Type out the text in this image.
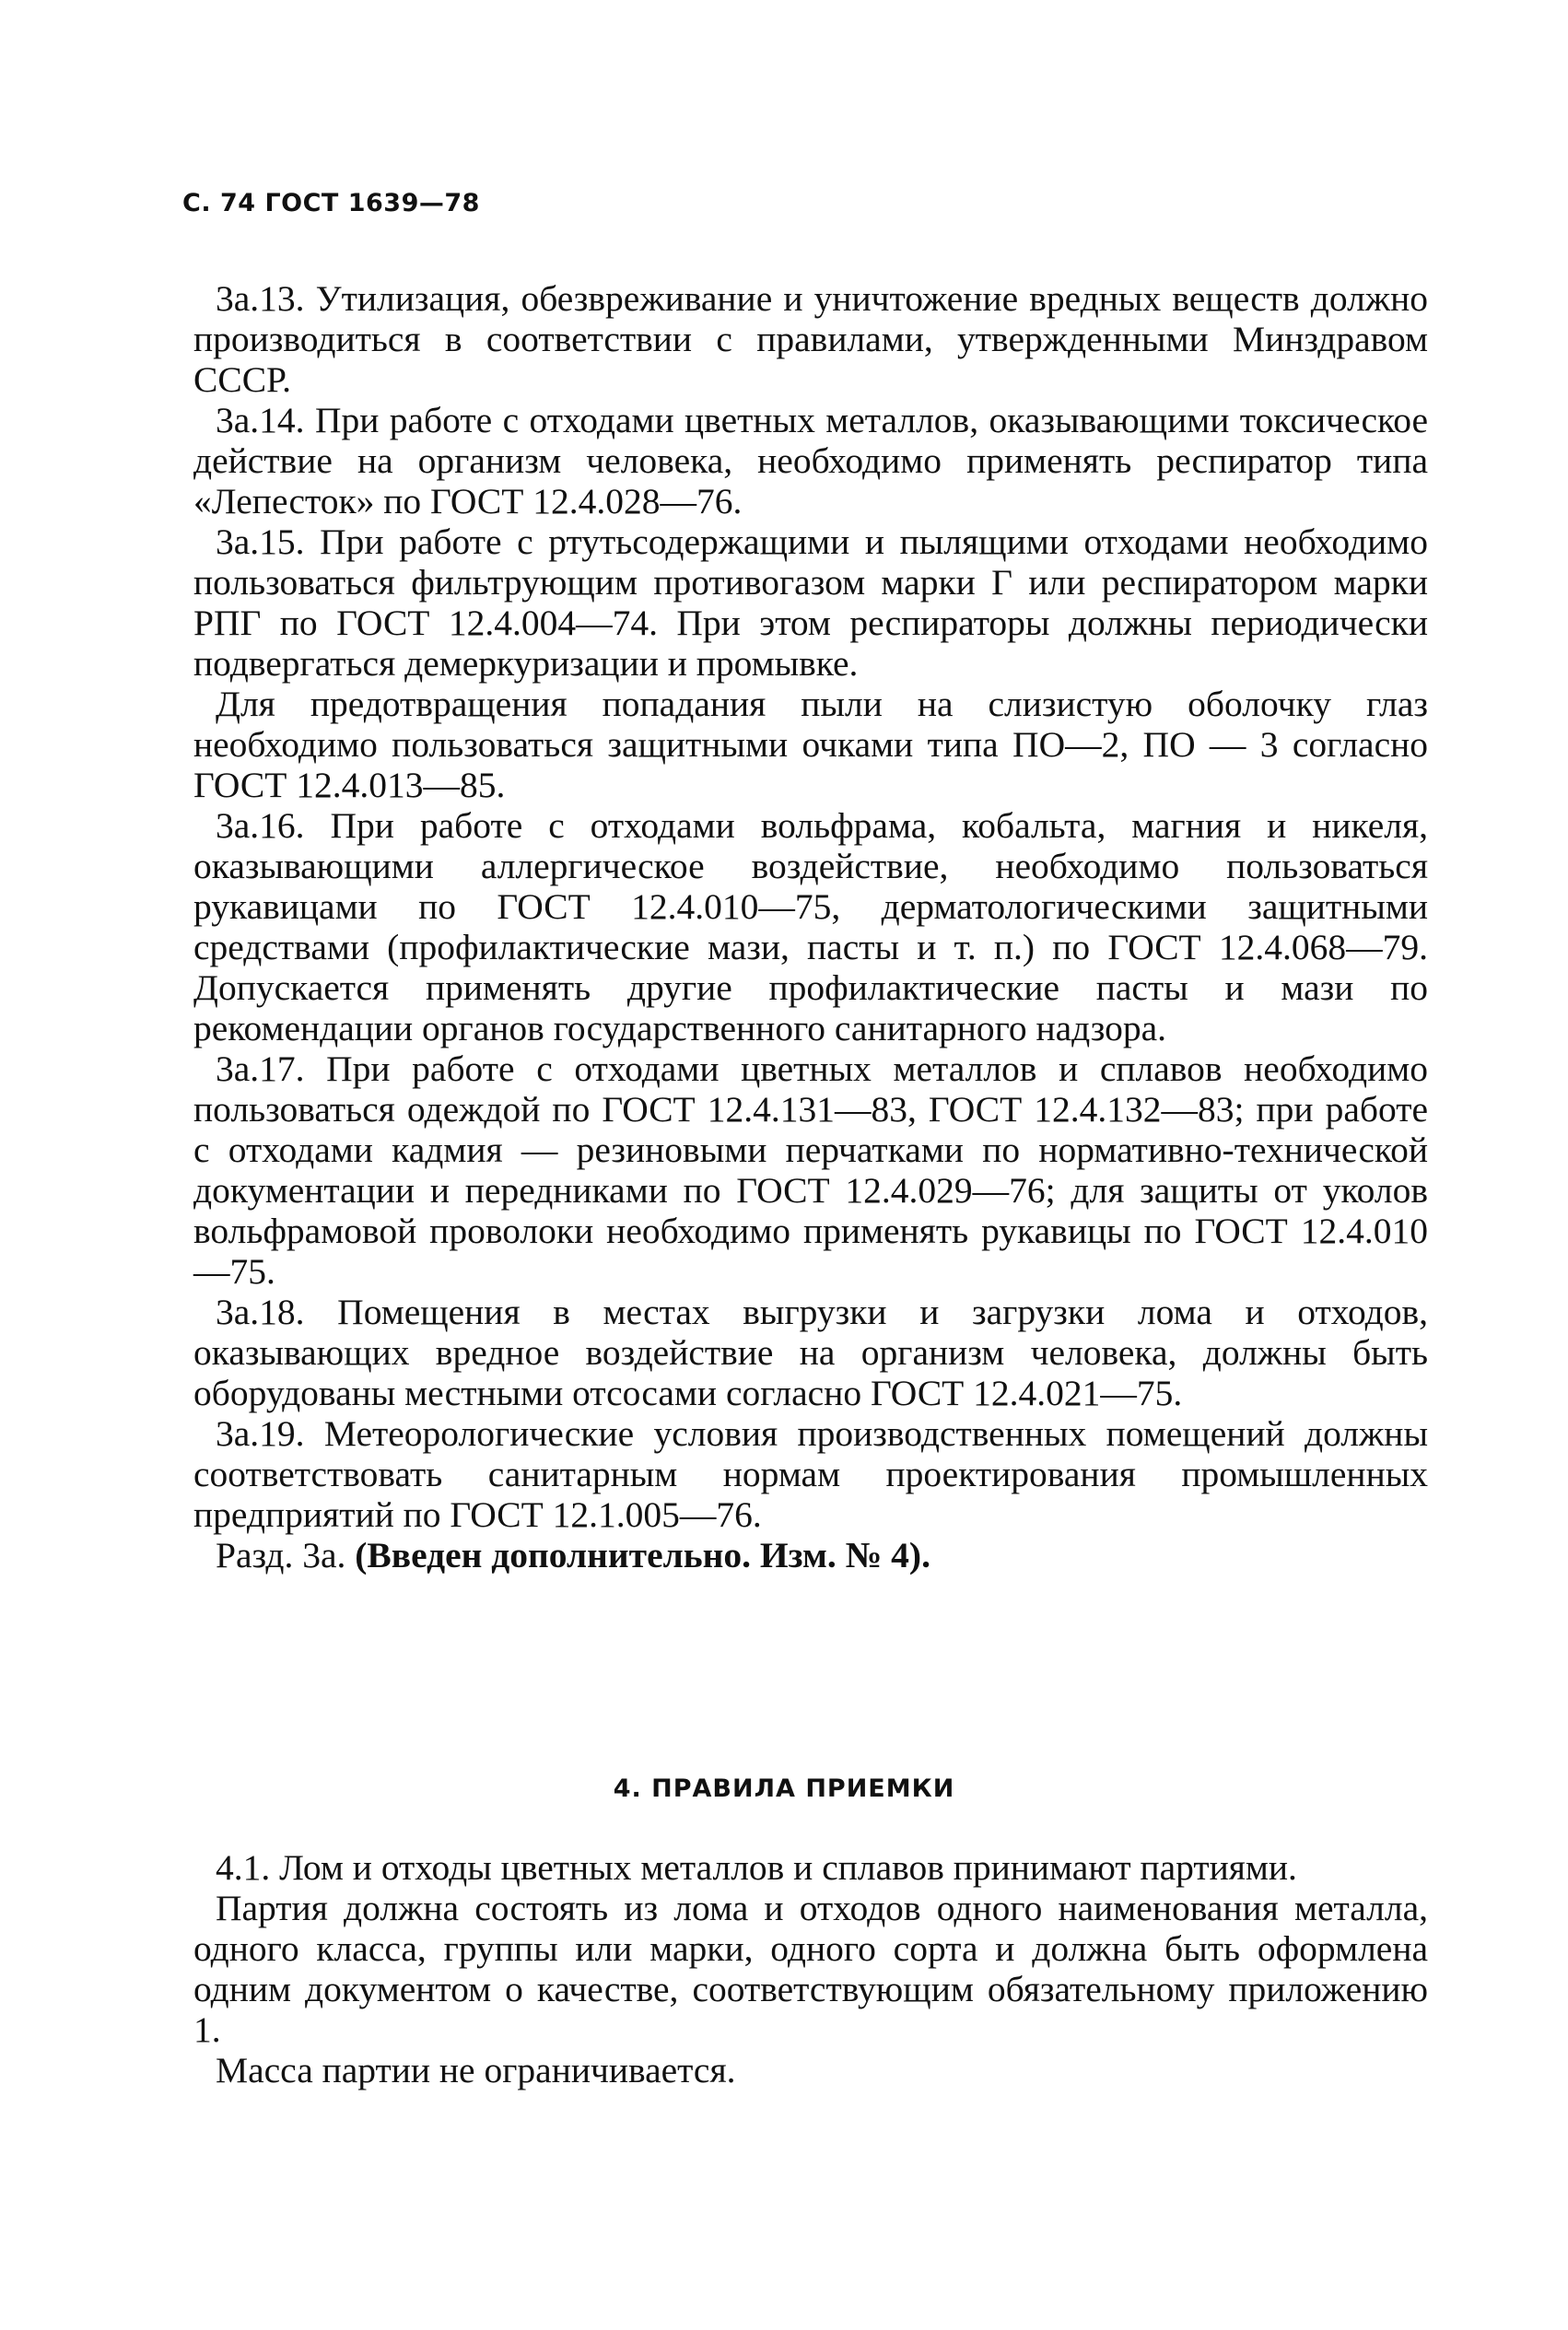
С. 74 ГОСТ 1639—78

3а.13. Утилизация, обезвреживание и уничтожение вредных веществ должно производиться в соответствии с правилами, утвержденными Минздравом СССР.

3а.14. При работе с отходами цветных металлов, оказывающими токсическое действие на организм человека, необходимо применять респиратор типа «Лепесток» по ГОСТ 12.4.028—76.

3а.15. При работе с ртутьсодержащими и пылящими отходами необходимо пользоваться фильтрующим противогазом марки Г или респиратором марки РПГ по ГОСТ 12.4.004—74. При этом респираторы должны периодически подвергаться демеркуризации и промывке.

Для предотвращения попадания пыли на слизистую оболочку глаз необходимо пользоваться защитными очками типа ПО—2, ПО — 3 согласно ГОСТ 12.4.013—85.

3а.16. При работе с отходами вольфрама, кобальта, магния и никеля, оказывающими аллергическое воздействие, необходимо пользоваться рукавицами по ГОСТ 12.4.010—75, дерматологическими защитными средствами (профилактические мази, пасты и т. п.) по ГОСТ 12.4.068—79. Допускается применять другие профилактические пасты и мази по рекомендации органов государственного санитарного надзора.

3а.17. При работе с отходами цветных металлов и сплавов необходимо пользоваться одеждой по ГОСТ 12.4.131—83, ГОСТ 12.4.132—83; при работе с отходами кадмия — резиновыми перчатками по нормативно-технической документации и передниками по ГОСТ 12.4.029—76; для защиты от уколов вольфрамовой проволоки необходимо применять рукавицы по ГОСТ 12.4.010—75.

3а.18. Помещения в местах выгрузки и загрузки лома и отходов, оказывающих вредное воздействие на организм человека, должны быть оборудованы местными отсосами согласно ГОСТ 12.4.021—75.

3а.19. Метеорологические условия производственных помещений должны соответствовать санитарным нормам проектирования промышленных предприятий по ГОСТ 12.1.005—76.

Разд. 3а. (Введен дополнительно. Изм. № 4).

4. ПРАВИЛА ПРИЕМКИ

4.1. Лом и отходы цветных металлов и сплавов принимают партиями.

Партия должна состоять из лома и отходов одного наименования металла, одного класса, группы или марки, одного сорта и должна быть оформлена одним документом о качестве, соответствующим обязательному приложению 1.

Масса партии не ограничивается.
